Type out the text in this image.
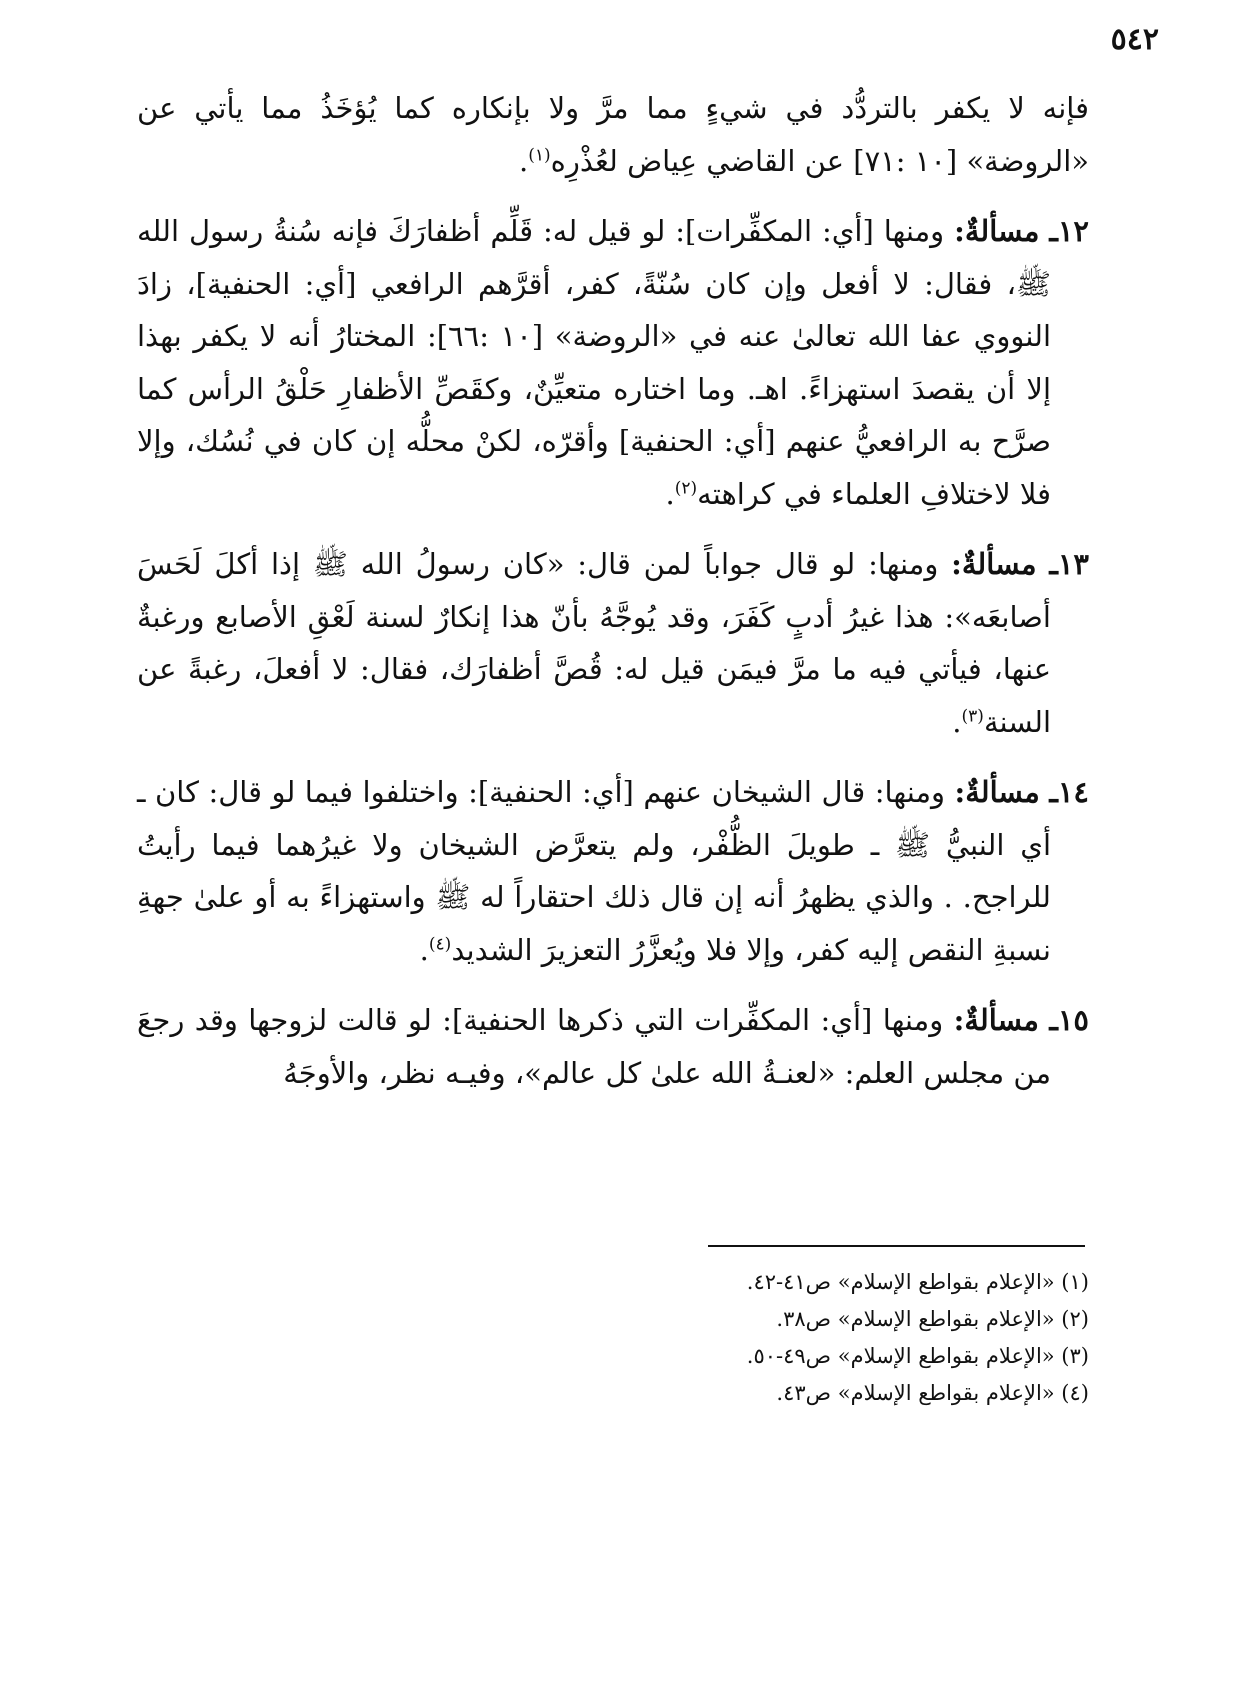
٥٤٢

فإنه لا يكفر بالتردُّد في شيءٍ مما مرَّ ولا بإنكاره كما يُؤخَذُ مما يأتي عن «الروضة» [١٠ :٧١] عن القاضي عِياض لعُذْرِه$^{(١)}$.

١٢ـ مسألةٌ: ومنها [أي: المكفِّرات]: لو قيل له: قَلِّم أظفارَكَ فإنه سُنةُ رسول الله ﷺ، فقال: لا أفعل وإن كان سُنّةً، كفر، أقرَّهم الرافعي [أي: الحنفية]، زادَ النووي عفا الله تعالىٰ عنه في «الروضة» [١٠ :٦٦]: المختارُ أنه لا يكفر بهذا إلا أن يقصدَ استهزاءً. اهـ. وما اختاره متعيِّنٌ، وكقَصِّ الأظفارِ حَلْقُ الرأس كما صرَّح به الرافعيُّ عنهم [أي: الحنفية] وأقرّه، لكنْ محلُّه إن كان في نُسُك، وإلا فلا لاختلافِ العلماء في كراهته$^{(٢)}$.

١٣ـ مسألةٌ: ومنها: لو قال جواباً لمن قال: «كان رسولُ الله ﷺ إذا أكلَ لَحَسَ أصابعَه»: هذا غيرُ أدبٍ كَفَرَ، وقد يُوجَّهُ بأنّ هذا إنكارٌ لسنة لَعْقِ الأصابع ورغبةٌ عنها، فيأتي فيه ما مرَّ فيمَن قيل له: قُصَّ أظفارَك، فقال: لا أفعلَ، رغبةً عن السنة$^{(٣)}$.

١٤ـ مسألةٌ: ومنها: قال الشيخان عنهم [أي: الحنفية]: واختلفوا فيما لو قال: كان ـ أي النبيُّ ﷺ ـ طويلَ الظُّفْر، ولم يتعرَّض الشيخان ولا غيرُهما فيما رأيتُ للراجح. . والذي يظهرُ أنه إن قال ذلك احتقاراً له ﷺ واستهزاءً به أو علىٰ جهةِ نسبةِ النقص إليه كفر، وإلا فلا ويُعزَّرُ التعزيرَ الشديد$^{(٤)}$.

١٥ـ مسألةٌ: ومنها [أي: المكفِّرات التي ذكرها الحنفية]: لو قالت لزوجها وقد رجعَ من مجلس العلم: «لعنـةُ الله علىٰ كل عالم»، وفيـه نظر، والأوجَهُ

(١) «الإعلام بقواطع الإسلام» ص٤١-٤٢.
(٢) «الإعلام بقواطع الإسلام» ص٣٨.
(٣) «الإعلام بقواطع الإسلام» ص٤٩-٥٠.
(٤) «الإعلام بقواطع الإسلام» ص٤٣.
